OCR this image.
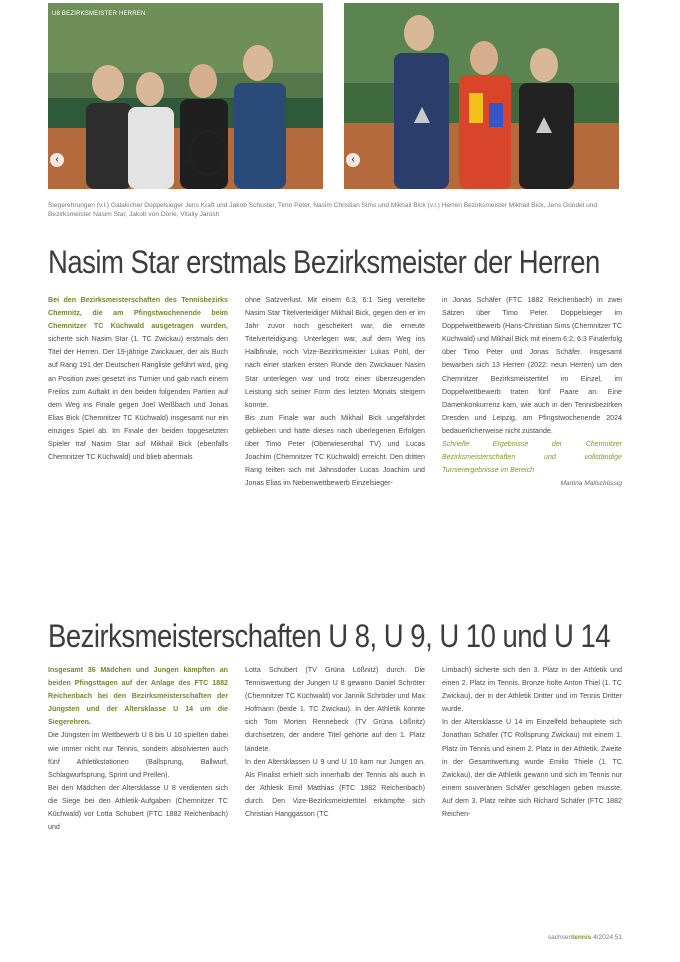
U8 BEZIRKSMEISTER HERREN
‹	‹
Siegerehrungen (v.l.) Galakicher Doppelsieger Jens Kraft und Jakob Schuster, Timo Peter, Nasim Christian Sims und Mikhail Bick (v.l.) Herren Bezirksmeister Mikhail Bick, Jens Gündel und Bezirksmeister Nasim Star, Jakob von Dorle, Vitaliy Jarosh
Nasim Star erstmals Bezirksmeister der Herren

Bei den Bezirksmeisterschaften des Tennisbezirks Chemnitz, die am Pfingstwochenende beim Chemnitzer TC Küchwald ausgetragen wurden, sicherte sich Nasim Star (1. TC Zwickau) erstmals den Titel der Herren. Der 19-jährige Zwickauer, der als Buch auf Rang 191 der Deutschen Rangliste geführt wird, ging an Position zwei gesetzt ins Turnier und gab nach einem Freilos zum Auftakt in den beiden folgenden Partien auf dem Weg ins Finale gegen Joel Weißbach und Jonas Elias Bick (Chemnitzer TC Küchwald) insgesamt nur ein einziges Spiel ab. Im Finale der beiden topgesetzten Spieler traf Nasim Star auf Mikhail Bick (ebenfalls Chemnitzer TC Küchwald) und blieb abermals

ohne Satzverlust. Mit einem 6:3, 6:1 Sieg vereitelte Nasim Star Titelverteidiger Mikhail Bick, gegen den er im Jahr zuvor noch gescheitert war, die erneute Titelverteidigung. Unterlegen war, auf dem Weg ins Halbfinale, noch Vize-Bezirksmeister Lukas Pohl, der nach einer starken ersten Runde den Zwickauer Nasim Star unterlegen war und trotz einer überzeugenden Leistung sich seiner Form des letzten Monats steigern konnte.

Bis zum Finale war auch Mikhail Bick ungefährdet geblieben und hatte dieses nach überlegenen Erfolgen über Timo Peter (Oberwiesenthal TV) und Lucas Joachim (Chemnitzer TC Küchwald) erreicht. Den dritten Rang teilten sich mit Jahnsdorfer Lucas Joachim und Jonas Elias im Nebenwettbewerb Einzelsieger-

in Jonas Schäfer (FTC 1882 Reichenbach) in zwei Sätzen über Timo Peter. Doppelsieger im Doppelwettbewerb (Hans-Christian Sims (Chemnitzer TC Küchwald) und Mikhail Bick mit einem 6:2, 6:3 Finalerfolg über Timo Peter und Jonas Schäfer. Insgesamt bewarben sich 13 Herren (2022: neun Herren) um den Chemnitzer Bezirksmeistertitel im Einzel, im Doppelwettbewerb traten fünf Paare an. Eine Damenkonkurrenz kam, wie auch in den Tennisbezirken Dresden und Leipzig, am Pfingstwochenende 2024 bedauerlicherweise nicht zustande.

Schnelle Ergebnisse der Chemnitzer Bezirksmeisterschaften und vollständige Turnierergebnisse im Bereich

Martina Mallschüssig

Bezirksmeisterschaften U 8, U 9, U 10 und U 14

Insgesamt 36 Mädchen und Jungen kämpften an beiden Pfingsttagen auf der Anlage des FTC 1882 Reichenbach bei den Bezirksmeisterschaften der Jüngsten und der Altersklasse U 14 um die Siegerehren.

Die Jüngsten im Wettbewerb U 8 bis U 10 spielten dabei wie immer nicht nur Tennis, sondern absolvierten auch fünf Athletikstationen (Ballsprung, Ballwurf, Schlagwurfsprung, Sprint und Prellen).

Bei den Mädchen der Altersklasse U 8 verdienten sich die Siege bei den Athletik-Aufgaben (Chemnitzer TC Küchwald) vor Lotta Schubert (FTC 1882 Reichenbach) und

Lotta Schubert (TV Grüna Lößnitz) durch. Die Tenniswertung der Jungen U 8 gewann Daniel Schröter (Chemnitzer TC Küchwald) vor Jannik Schröder und Max Hofmann (beide 1. TC Zwickau). In der Athletik konnte sich Tom Morten Rennebeck (TV Grüna Lößnitz) durchsetzen, der andere Titel gehörte auf den 1. Platz landete.

In den Altersklassen U 9 und U 10 kam nur Jungen an. Als Finalist erhielt sich innerhalb der Tennis als auch in der Athletik Emil Matthias (FTC 1882 Reichenbach) durch. Den Vize-Bezirksmeistertitel erkämpfte sich Christian Hanggasson (TC

Limbach) sicherte sich den 3. Platz in der Athletik und einen 2. Platz im Tennis. Bronze holte Anton Thiel (1. TC Zwickau), der in der Athletik Dritter und im Tennis Dritter wurde.

In der Altersklasse U 14 im Einzelfeld behauptete sich Jonathan Schäfer (TC Rollsprung Zwickau) mit einem 1. Platz im Tennis und einem 2. Platz in der Athletik. Zweite in der Gesamtwertung wurde Emilio Thiele (1. TC Zwickau), der die Athletik gewann und sich im Tennis nur einem souveränen Schäfer geschlagen geben musste. Auf dem 3. Platz reihte sich Richard Schäfer (FTC 1882 Reichen-

sachsentennis 4/2024 51
